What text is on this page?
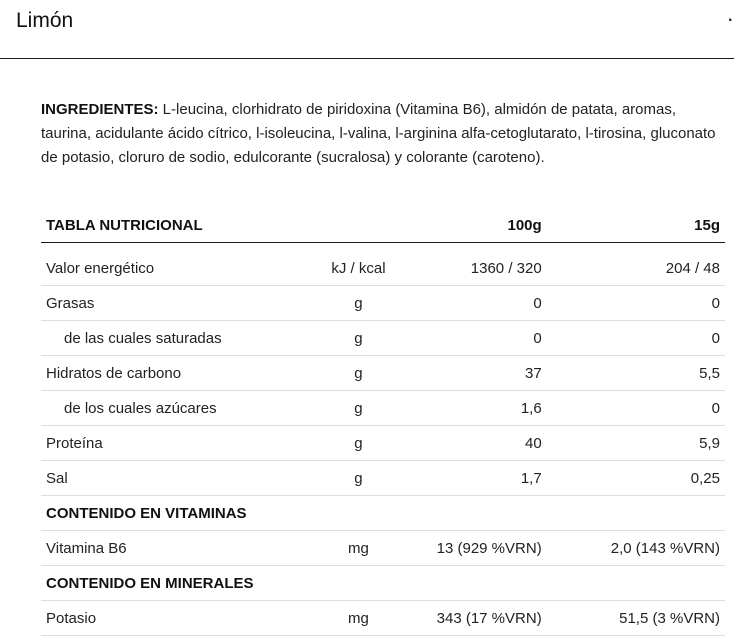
Limón	·

INGREDIENTES: L-leucina, clorhidrato de piridoxina (Vitamina B6), almidón de patata, aromas, taurina, acidulante ácido cítrico, l-isoleucina, l-valina, l-arginina alfa-cetoglutarato, l-tirosina, gluconato de potasio, cloruro de sodio, edulcorante (sucralosa) y colorante (caroteno).

TABLA NUTRICIONAL		100g	15g
Valor energético	kJ / kcal	1360 / 320	204 / 48
Grasas	g	0	0
de las cuales saturadas	g	0	0
Hidratos de carbono	g	37	5,5
de los cuales azúcares	g	1,6	0
Proteína	g	40	5,9
Sal	g	1,7	0,25
CONTENIDO EN VITAMINAS			
Vitamina B6	mg	13 (929 %VRN)	2,0 (143 %VRN)
CONTENIDO EN MINERALES			
Potasio	mg	343 (17 %VRN)	51,5 (3 %VRN)
